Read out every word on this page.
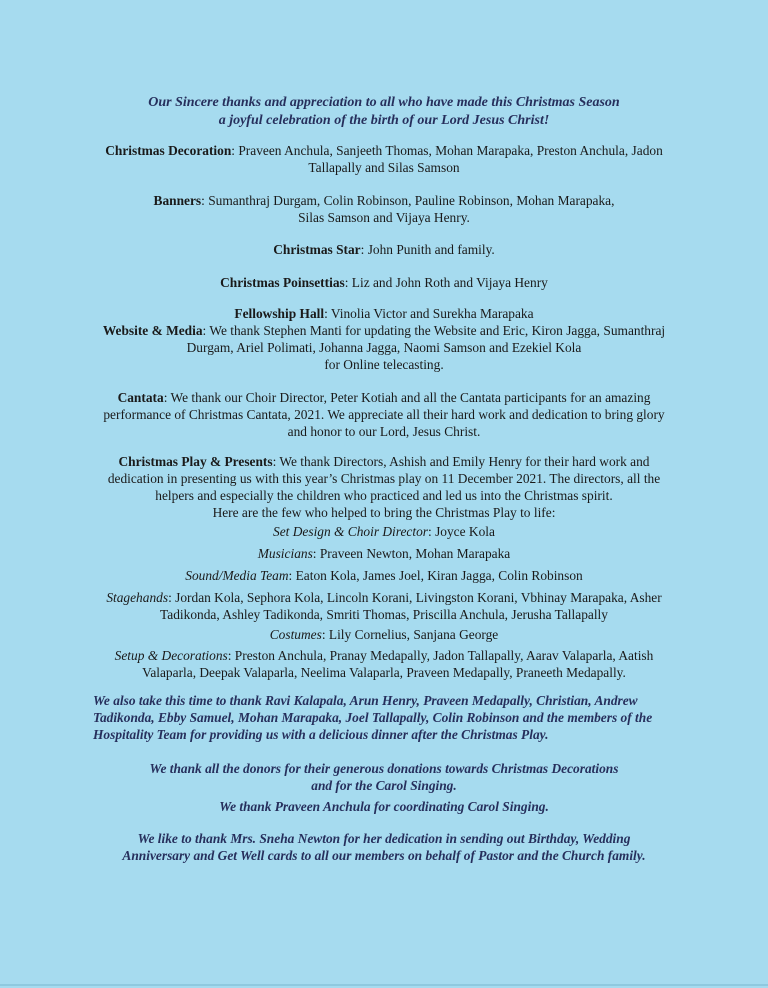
Our Sincere thanks and appreciation to all who have made this Christmas Season
a joyful celebration of the birth of our Lord Jesus Christ!
Christmas Decoration: Praveen Anchula, Sanjeeth Thomas, Mohan Marapaka, Preston Anchula, Jadon
Tallapally and Silas Samson
Banners: Sumanthraj Durgam, Colin Robinson, Pauline Robinson, Mohan Marapaka,
Silas Samson and Vijaya Henry.
Christmas Star: John Punith and family.
Christmas Poinsettias: Liz and John Roth and Vijaya Henry
Fellowship Hall: Vinolia Victor and Surekha Marapaka
Website & Media: We thank Stephen Manti for updating the Website and Eric, Kiron Jagga, Sumanthraj
Durgam, Ariel Polimati, Johanna Jagga, Naomi Samson and Ezekiel Kola
for Online telecasting.
Cantata: We thank our Choir Director, Peter Kotiah and all the Cantata participants for an amazing
performance of Christmas Cantata, 2021. We appreciate all their hard work and dedication to bring glory
and honor to our Lord, Jesus Christ.
Christmas Play & Presents: We thank Directors, Ashish and Emily Henry for their hard work and
dedication in presenting us with this year’s Christmas play on 11 December 2021. The directors, all the
helpers and especially the children who practiced and led us into the Christmas spirit.
Here are the few who helped to bring the Christmas Play to life:
Set Design & Choir Director: Joyce Kola
Musicians: Praveen Newton, Mohan Marapaka
Sound/Media Team: Eaton Kola, James Joel, Kiran Jagga, Colin Robinson
Stagehands: Jordan Kola, Sephora Kola, Lincoln Korani, Livingston Korani, Vbhinay Marapaka, Asher
Tadikonda, Ashley Tadikonda, Smriti Thomas, Priscilla Anchula, Jerusha Tallapally
Costumes: Lily Cornelius, Sanjana George
Setup & Decorations: Preston Anchula, Pranay Medapally, Jadon Tallapally, Aarav Valaparla, Aatish
Valaparla, Deepak Valaparla, Neelima Valaparla, Praveen Medapally, Praneeth Medapally.
We also take this time to thank Ravi Kalapala, Arun Henry, Praveen Medapally, Christian, Andrew
Tadikonda, Ebby Samuel, Mohan Marapaka, Joel Tallapally, Colin Robinson and the members of the
Hospitality Team for providing us with a delicious dinner after the Christmas Play.
We thank all the donors for their generous donations towards Christmas Decorations
and for the Carol Singing.
We thank Praveen Anchula for coordinating Carol Singing.
We like to thank Mrs. Sneha Newton for her dedication in sending out Birthday, Wedding
Anniversary and Get Well cards to all our members on behalf of Pastor and the Church family.
